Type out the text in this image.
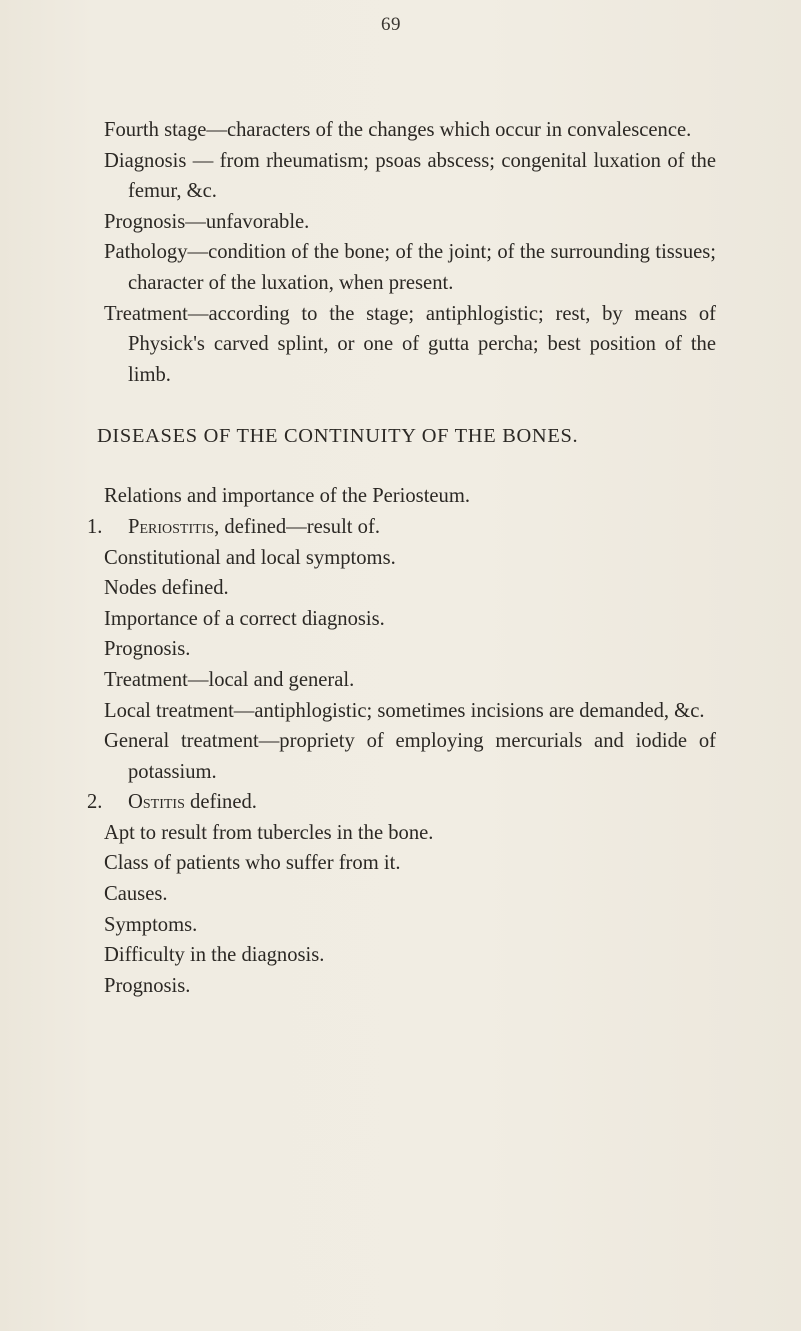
69

Fourth stage—characters of the changes which occur in convalescence.

Diagnosis — from rheumatism; psoas abscess; congenital luxation of the femur, &c.

Prognosis—unfavorable.

Pathology—condition of the bone; of the joint; of the surrounding tissues; character of the luxation, when present.

Treatment—according to the stage; antiphlogistic; rest, by means of Physick's carved splint, or one of gutta percha; best position of the limb.

DISEASES OF THE CONTINUITY OF THE BONES.

Relations and importance of the Periosteum.

1. Periostitis, defined—result of.

Constitutional and local symptoms.

Nodes defined.

Importance of a correct diagnosis.

Prognosis.

Treatment—local and general.

Local treatment—antiphlogistic; sometimes incisions are demanded, &c.

General treatment—propriety of employing mercurials and iodide of potassium.

2. Ostitis defined.

Apt to result from tubercles in the bone.

Class of patients who suffer from it.

Causes.

Symptoms.

Difficulty in the diagnosis.

Prognosis.
